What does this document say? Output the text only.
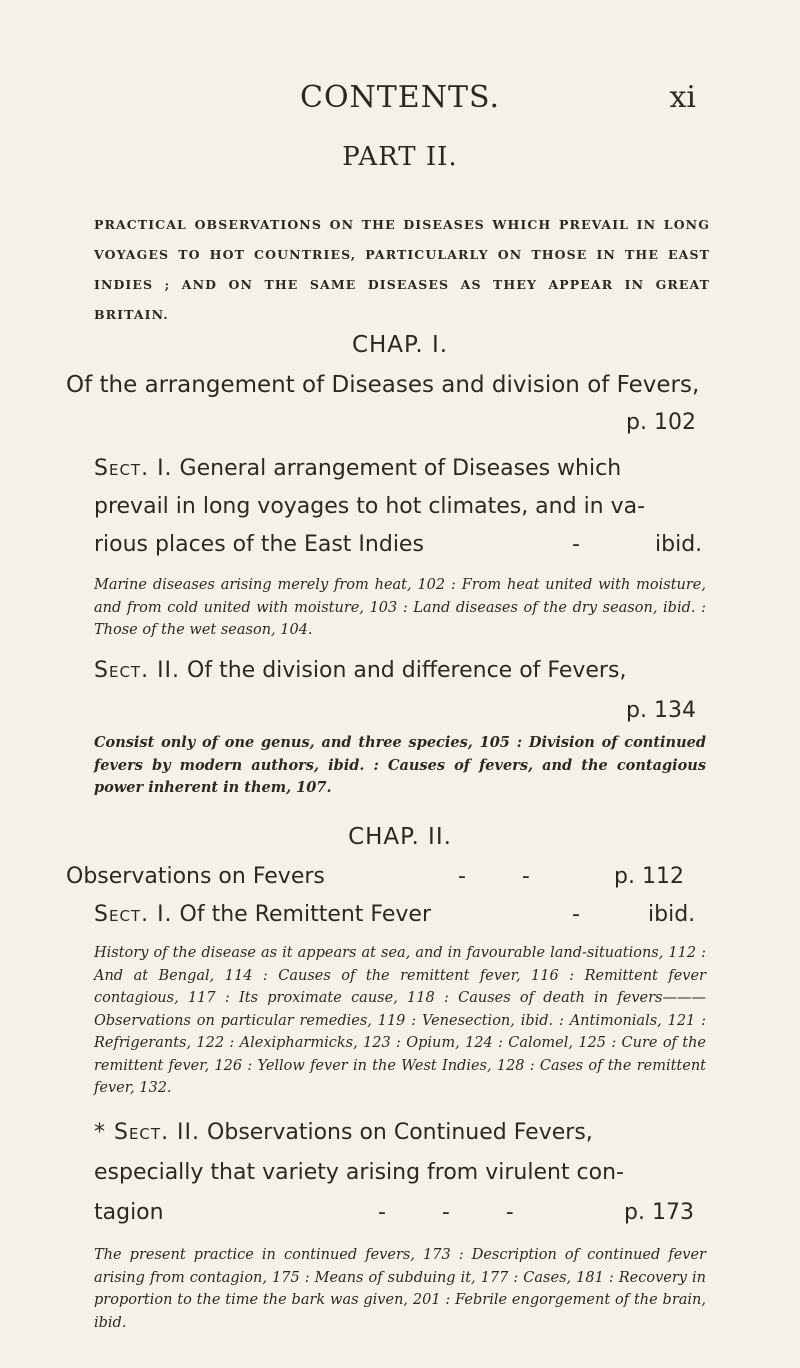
CONTENTS.	xi
PART II.
PRACTICAL OBSERVATIONS ON THE DISEASES WHICH PREVAIL IN LONG VOYAGES TO HOT COUNTRIES, PARTICULARLY ON THOSE IN THE EAST INDIES ; AND ON THE SAME DISEASES AS THEY APPEAR IN GREAT BRITAIN.
CHAP. I.
Of the arrangement of Diseases and division of Fevers,
p. 102
Sect. I. General arrangement of Diseases which
prevail in long voyages to hot climates, and in va-
rious places of the East Indies	-	ibid.
Marine diseases arising merely from heat, 102 : From heat united with moisture, and from cold united with moisture, 103 : Land diseases of the dry season, ibid. : Those of the wet season, 104.
Sect. II. Of the division and difference of Fevers,
p. 134
Consist only of one genus, and three species, 105 : Division of continued fevers by modern authors, ibid. : Causes of fevers, and the contagious power inherent in them, 107.
CHAP. II.
Observations on Fevers	-        -	p. 112
Sect. I. Of the Remittent Fever	-	ibid.
History of the disease as it appears at sea, and in favourable land-situations, 112 : And at Bengal, 114 : Causes of the remittent fever, 116 : Remittent fever contagious, 117 : Its proximate cause, 118 : Causes of death in fevers———Observations on particular remedies, 119 : Venesection, ibid. : Antimonials, 121 : Refrigerants, 122 : Alexipharmicks, 123 : Opium, 124 : Calomel, 125 : Cure of the remittent fever, 126 : Yellow fever in the West Indies, 128 : Cases of the remittent fever, 132.
* Sect. II. Observations on Continued Fevers,
especially that variety arising from virulent con-
tagion	-        -        -	p. 173
The present practice in continued fevers, 173 : Description of continued fever arising from contagion, 175 : Means of subduing it, 177 : Cases, 181 : Recovery in proportion to the time the bark was given, 201 : Febrile engorgement of the brain, ibid.
